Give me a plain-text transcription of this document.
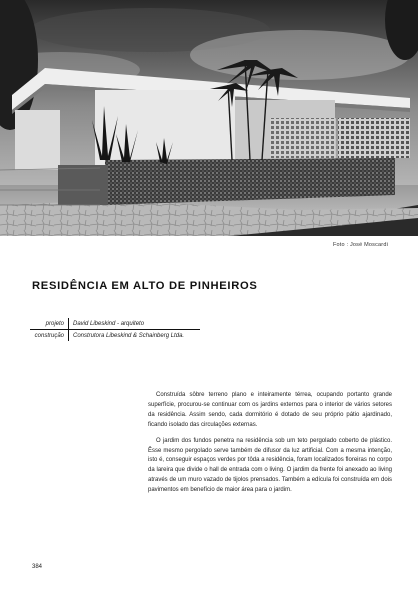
Foto : José Moscardi
RESIDÊNCIA EM ALTO DE PINHEIROS
projeto	David Libeskind - arquiteto
construção	Construtora Libeskind & Schainberg Ltda.

Construída sôbre terreno plano e inteiramente térrea, ocupando portanto grande superfície, procurou-se continuar com os jardins externos para o interior de vários setores da residência. Assim sendo, cada dormitório é dotado de seu próprio pátio ajardinado, ficando isolado das circulações externas.

O jardim dos fundos penetra na residência sob um teto pergolado coberto de plástico. Êsse mesmo pergolado serve também de difusor da luz artificial. Com a mesma intenção, isto é, conseguir espaços verdes por tôda a residência, foram localizados floreiras no corpo da lareira que divide o hall de entrada com o living. O jardim da frente foi anexado ao living através de um muro vazado de tijolos prensados. Também a edícula foi construída em dois pavimentos em benefício de maior área para o jardim.

384
